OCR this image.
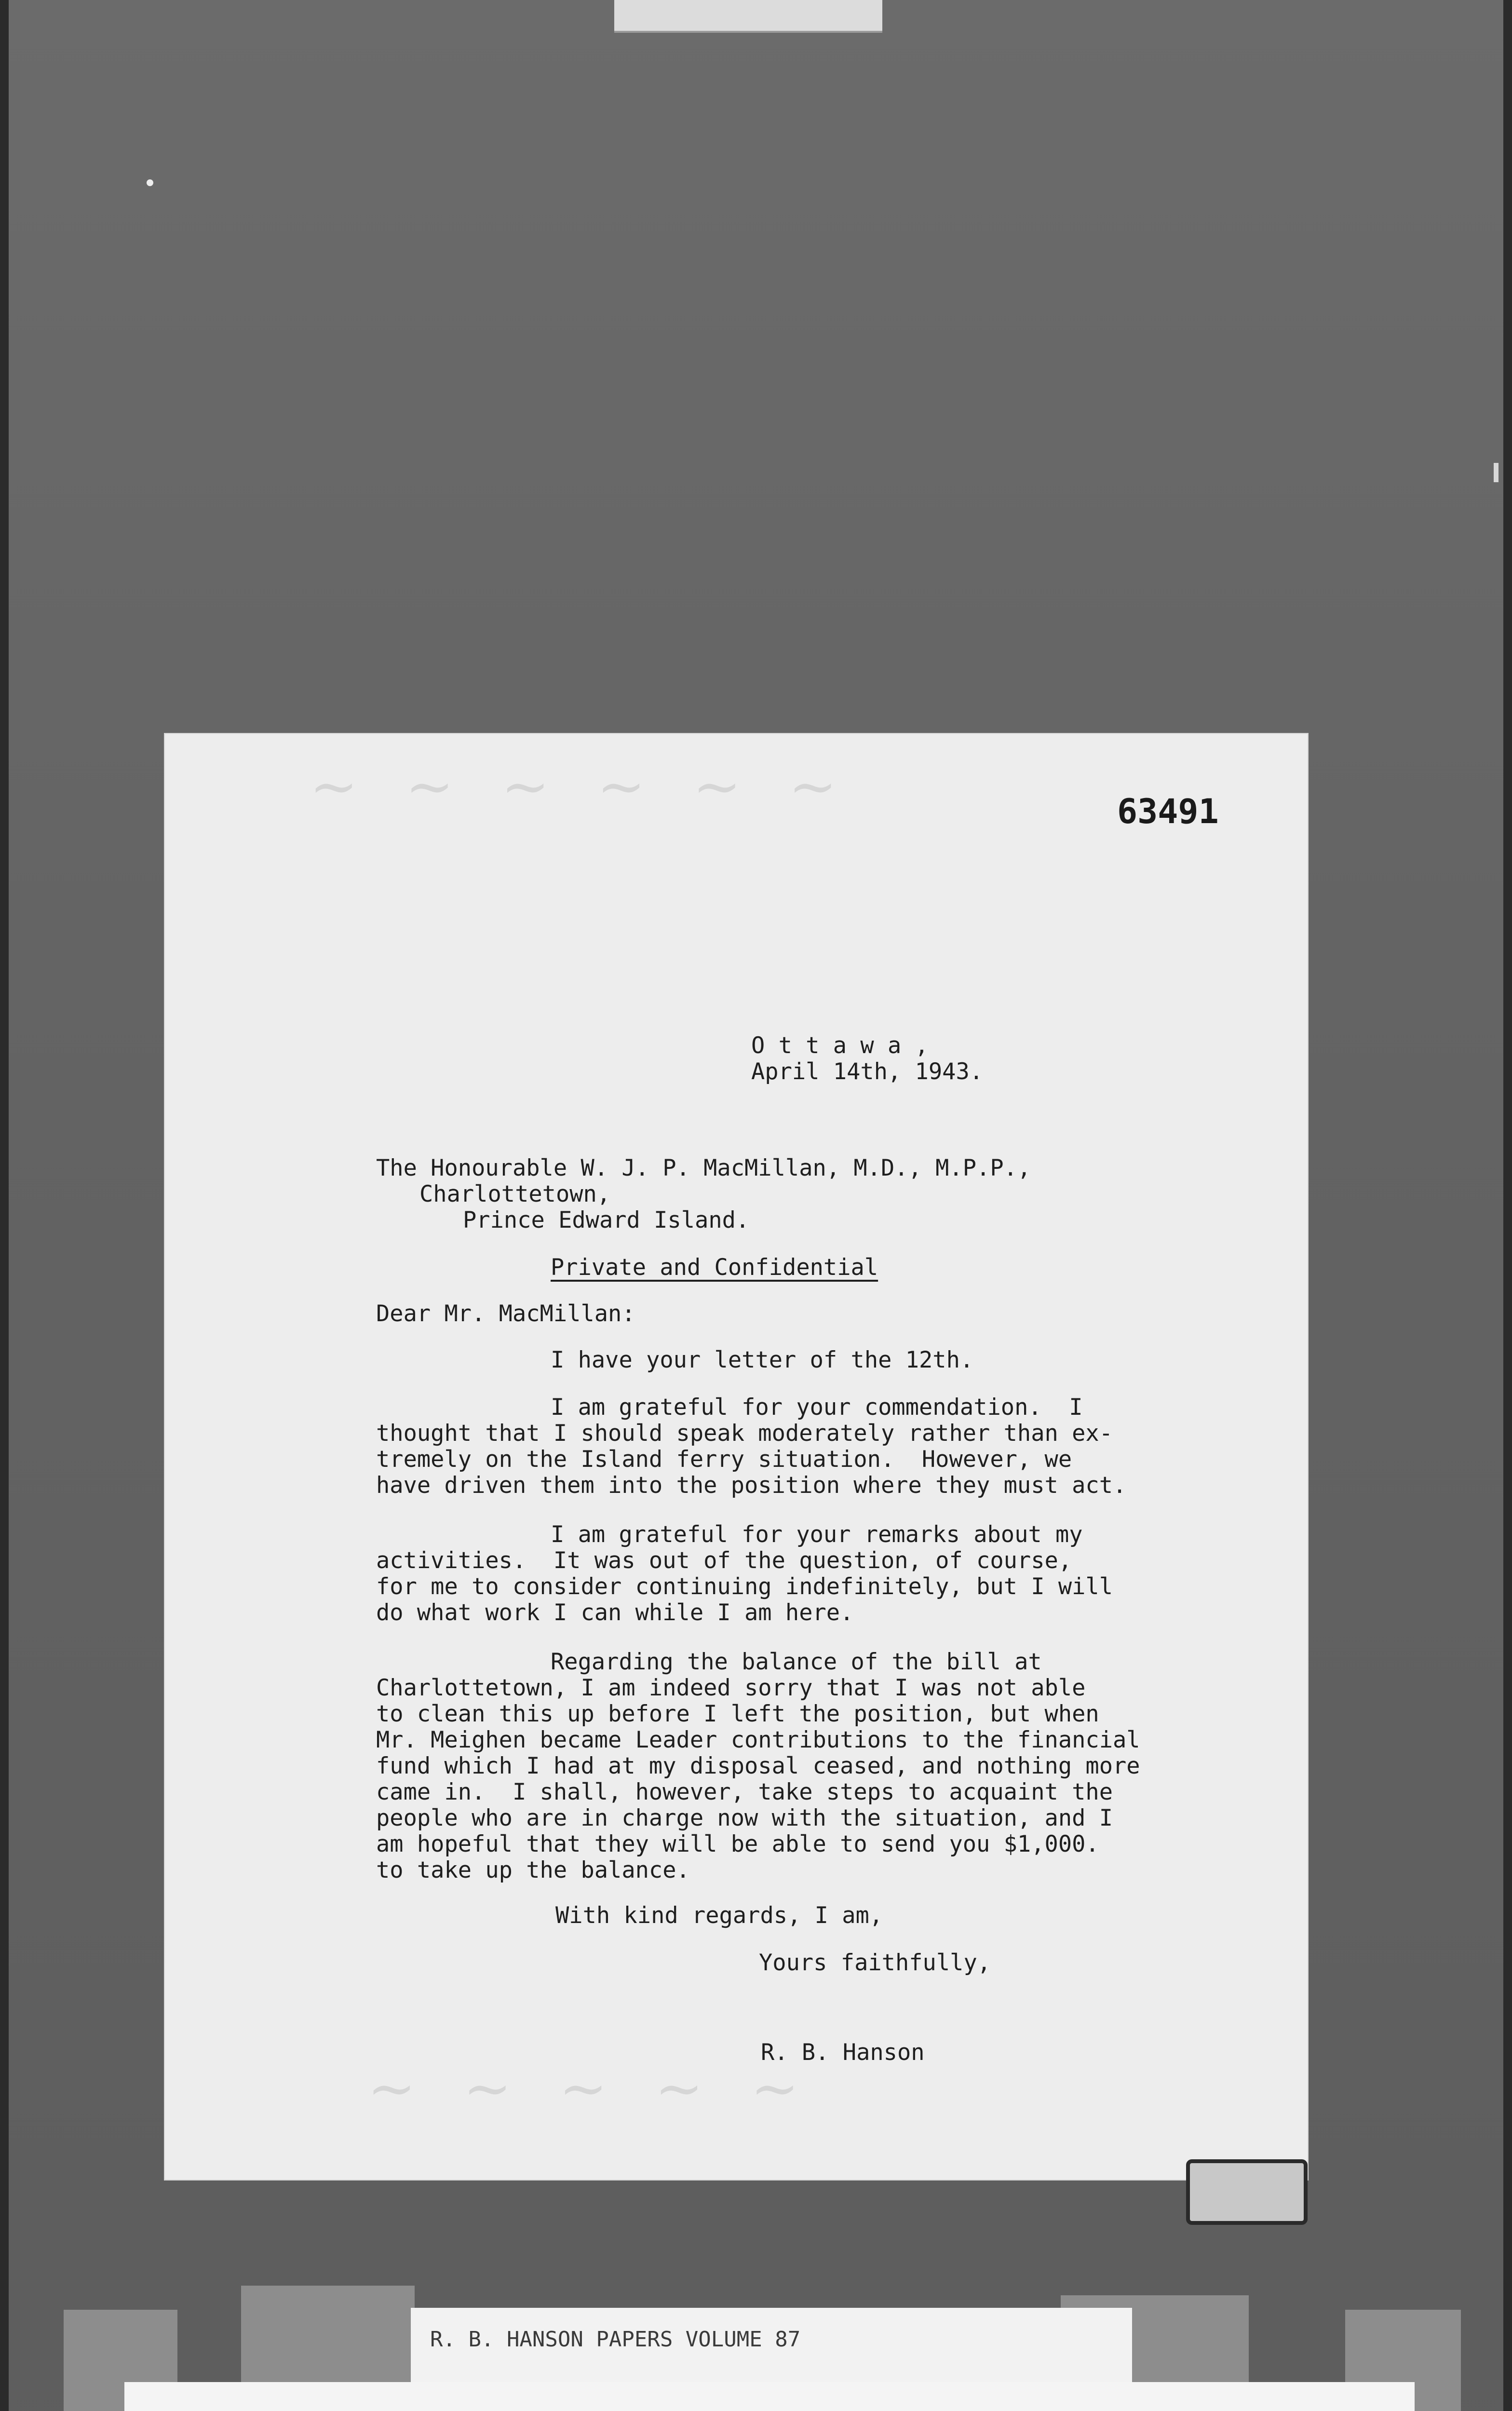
~ ~ ~ ~ ~ ~
~ ~ ~ ~ ~
63491
O t t a w a ,
April 14th, 1943.
The Honourable W. J. P. MacMillan, M.D., M.P.P.,
Charlottetown,
Prince Edward Island.
Private and Confidential
Dear Mr. MacMillan:
I have your letter of the 12th.
I am grateful for your commendation.  I
thought that I should speak moderately rather than ex-
tremely on the Island ferry situation.  However, we
have driven them into the position where they must act.
I am grateful for your remarks about my
activities.  It was out of the question, of course,
for me to consider continuing indefinitely, but I will
do what work I can while I am here.
Regarding the balance of the bill at
Charlottetown, I am indeed sorry that I was not able
to clean this up before I left the position, but when
Mr. Meighen became Leader contributions to the financial
fund which I had at my disposal ceased, and nothing more
came in.  I shall, however, take steps to acquaint the
people who are in charge now with the situation, and I
am hopeful that they will be able to send you $1,000.
to take up the balance.
With kind regards, I am,
Yours faithfully,
R. B. Hanson
R. B. HANSON PAPERS VOLUME 87
